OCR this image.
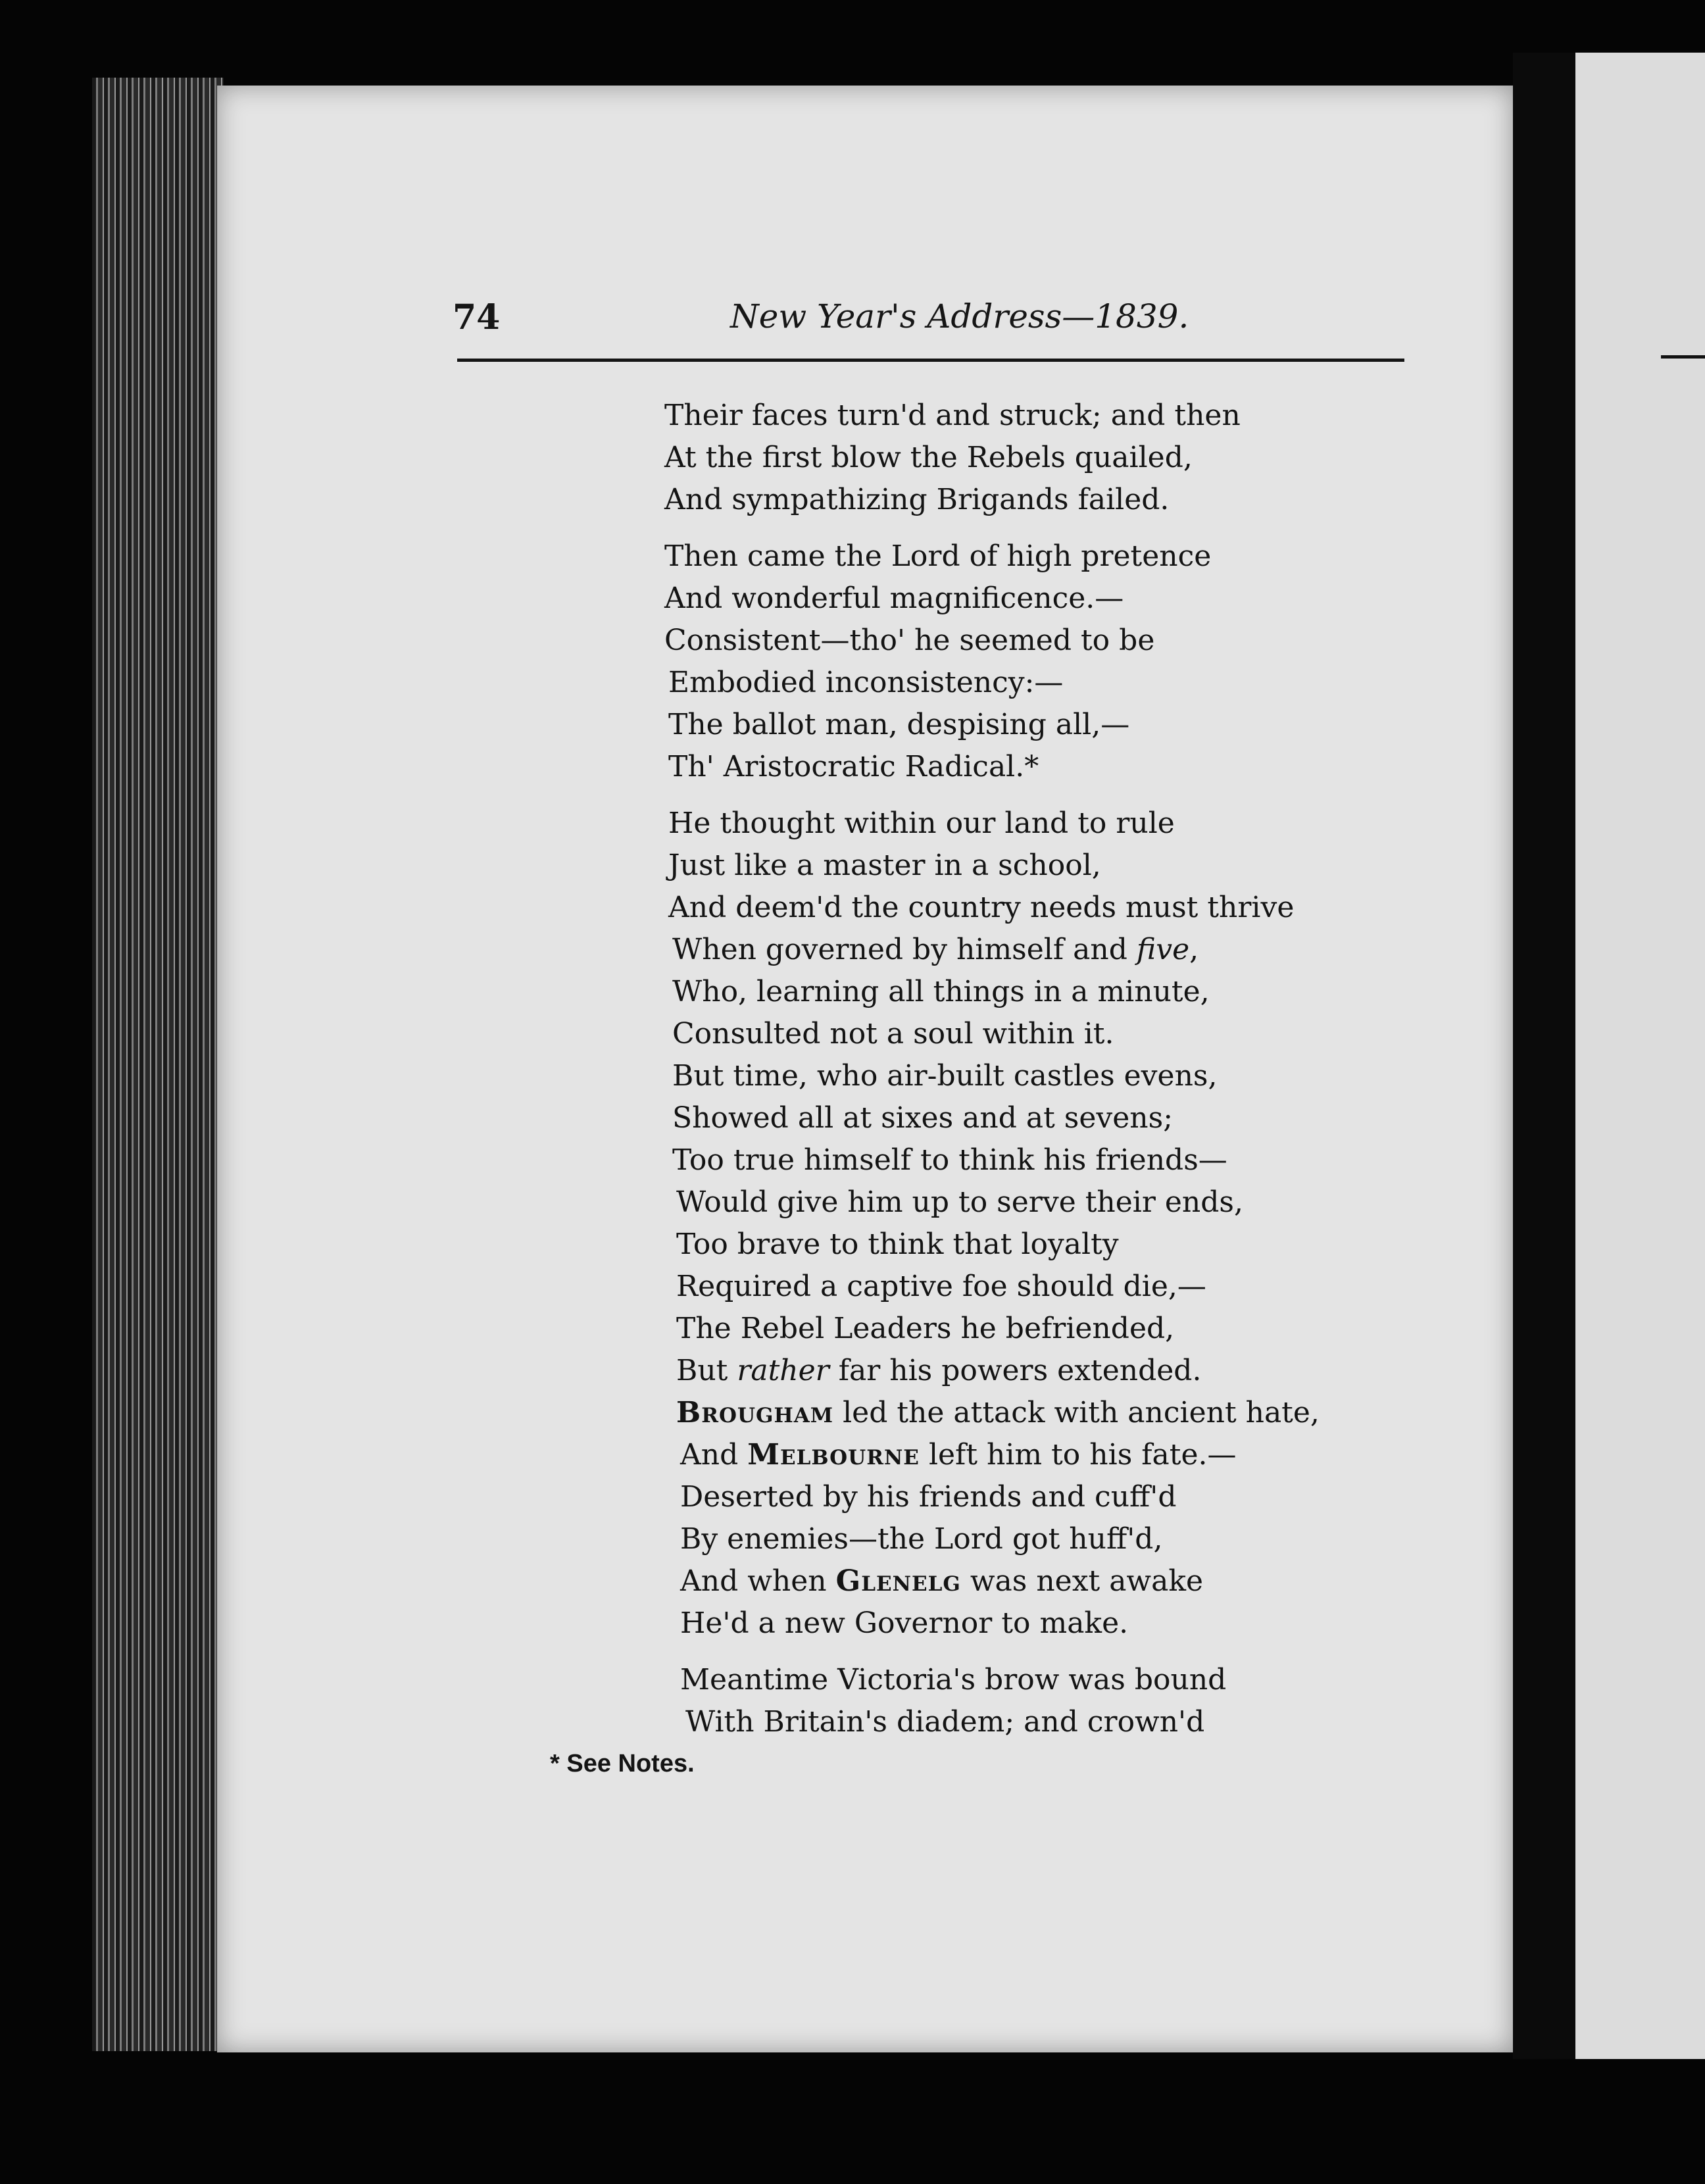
74	New Year's Address—1839.
Their faces turn'd and struck; and then
At the first blow the Rebels quailed,
And sympathizing Brigands failed.
Then came the Lord of high pretence
And wonderful magnificence.—
Consistent—tho' he seemed to be
Embodied inconsistency:—
The ballot man, despising all,—
Th' Aristocratic Radical.*
He thought within our land to rule
Just like a master in a school,
And deem'd the country needs must thrive
When governed by himself and five,
Who, learning all things in a minute,
Consulted not a soul within it.
But time, who air-built castles evens,
Showed all at sixes and at sevens;
Too true himself to think his friends—
Would give him up to serve their ends,
Too brave to think that loyalty
Required a captive foe should die,—
The Rebel Leaders he befriended,
But rather far his powers extended.
Brougham led the attack with ancient hate,
And Melbourne left him to his fate.—
Deserted by his friends and cuff'd
By enemies—the Lord got huff'd,
And when Glenelg was next awake
He'd a new Governor to make.
Meantime Victoria's brow was bound
With Britain's diadem; and crown'd
* See Notes.
